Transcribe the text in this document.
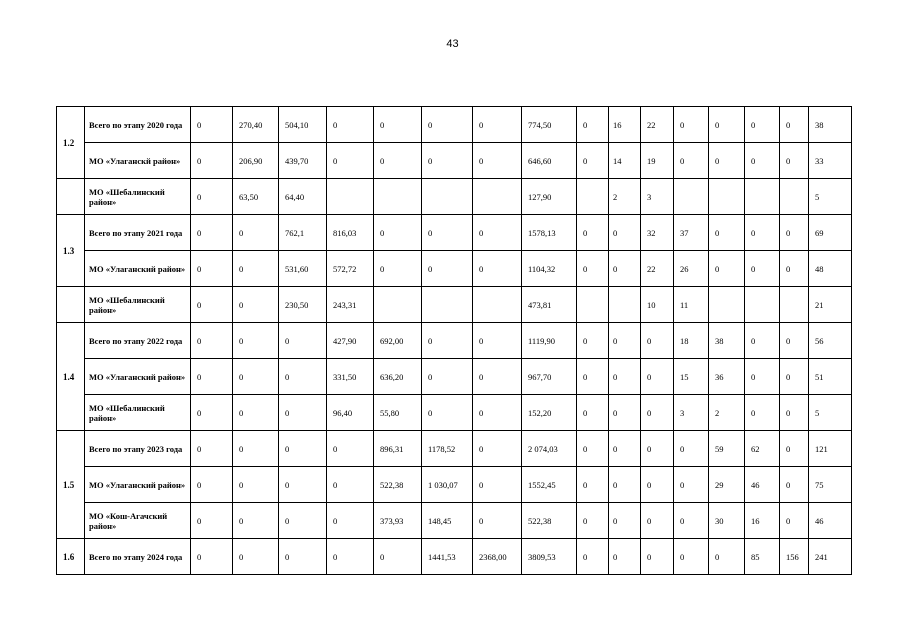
43
1.2	Всего по этапу 2020 года	0	270,40	504,10	0	0	0	0	774,50	0	16	22	0	0	0	0	38
	МО «Улаганскй район»	0	206,90	439,70	0	0	0	0	646,60	0	14	19	0	0	0	0	33
	МО «Шебалинский район»	0	63,50	64,40					127,90		2	3					5
1.3	Всего по этапу 2021 года	0	0	762,1	816,03	0	0	0	1578,13	0	0	32	37	0	0	0	69
	МО «Улаганский район»	0	0	531,60	572,72	0	0	0	1104,32	0	0	22	26	0	0	0	48
	МО «Шебалинский район»	0	0	230,50	243,31				473,81			10	11				21
1.4	Всего по этапу 2022 года	0	0	0	427,90	692,00	0	0	1119,90	0	0	0	18	38	0	0	56
	МО «Улаганский район»	0	0	0	331,50	636,20	0	0	967,70	0	0	0	15	36	0	0	51
	МО «Шебалинский район»	0	0	0	96,40	55,80	0	0	152,20	0	0	0	3	2	0	0	5
1.5	Всего по этапу 2023 года	0	0	0	0	896,31	1178,52	0	2 074,03	0	0	0	0	59	62	0	121
	МО «Улаганский район»	0	0	0	0	522,38	1 030,07	0	1552,45	0	0	0	0	29	46	0	75
	МО «Кош-Агачский район»	0	0	0	0	373,93	148,45	0	522,38	0	0	0	0	30	16	0	46
1.6	Всего по этапу 2024 года	0	0	0	0	0	1441,53	2368,00	3809,53	0	0	0	0	0	85	156	241
